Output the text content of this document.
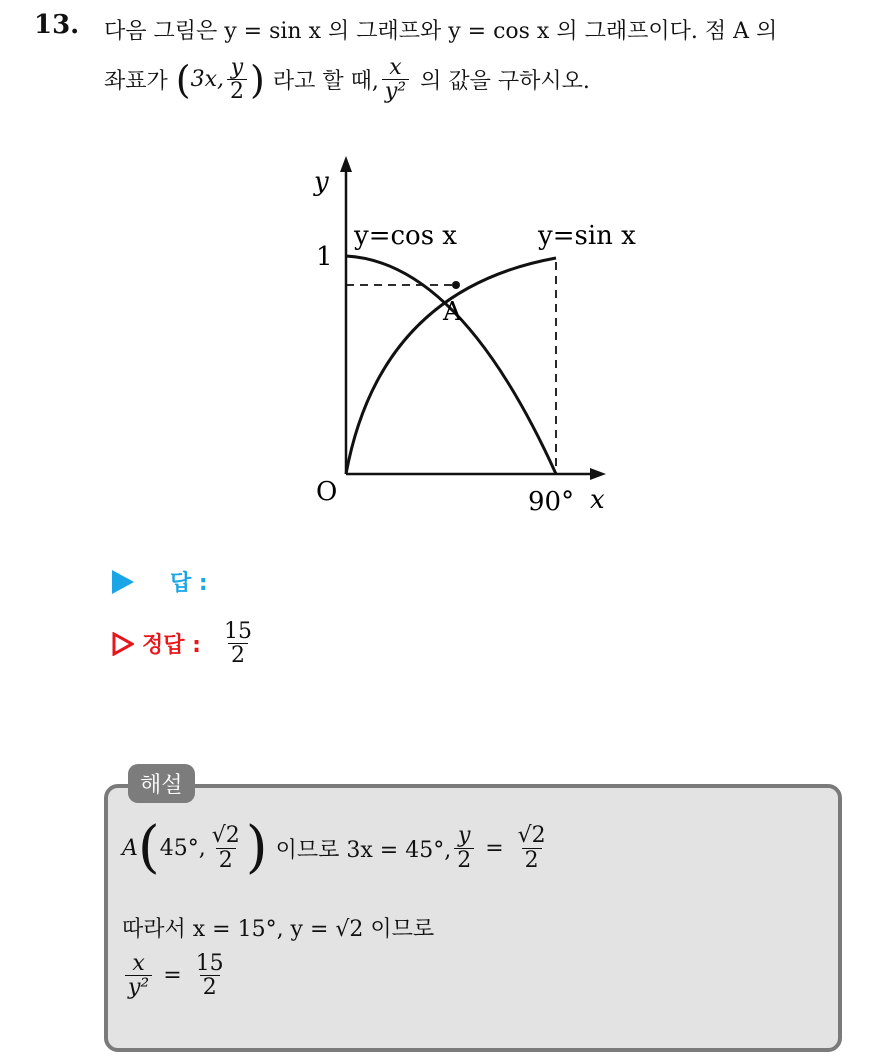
13. 다음 그림은 y = sin x 의 그래프와 y = cos x 의 그래프이다. 점 A 의
좌표가 ( 3x, $\frac{y}{2}$ ) 라고 할 때, $\frac{x}{\text{y²}}$ 의 값을 구하시오.
y
1
y=cos x	y=sin x
A
O	90° x
답 :
정답 : $\frac{15}{2}$
해설
A ( 45°, $\frac{√2}{2}$ ) 이므로 3x = 45°, $\frac{y}{2} = \frac{√2}{2}$
따라서 x = 15°, y = √2 이므로
$\frac{x}{\text{y²}} = \frac{15}{2}$
